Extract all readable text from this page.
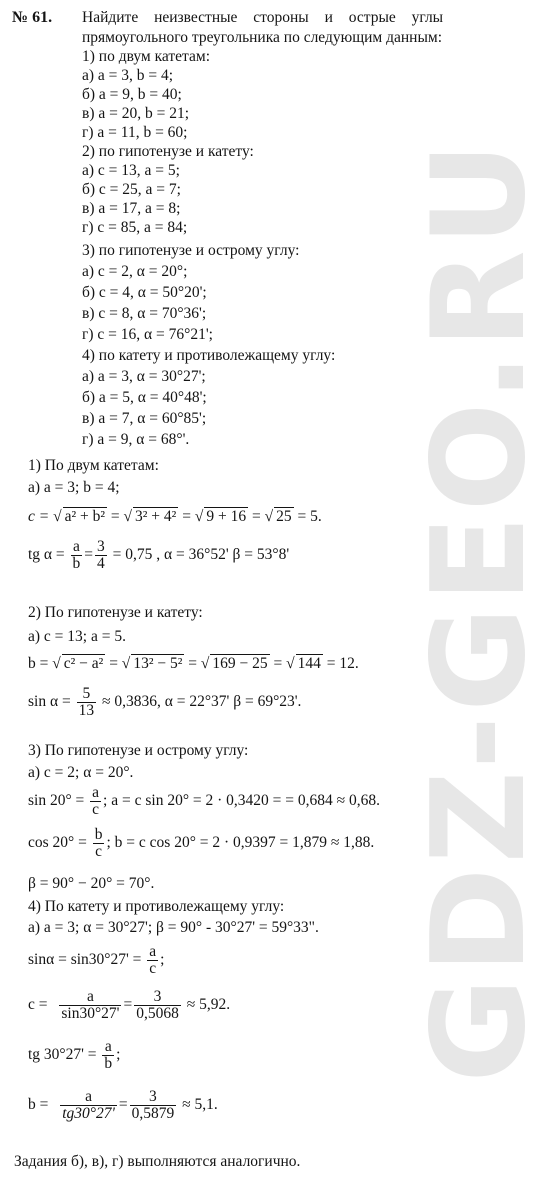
GDZ-GEO.RU
№ 61. Найдите неизвестные стороны и острые углы
прямоугольного треугольника по следующим данным:
1) по двум катетам:
а) a = 3, b = 4;
б) a = 9, b = 40;
в) a = 20, b = 21;
г) a = 11, b = 60;
2) по гипотенузе и катету:
а) c = 13, a = 5;
б) c = 25, a = 7;
в) a = 17, a = 8;
г) c = 85, a = 84;
3) по гипотенузе и острому углу:
а) c = 2, α = 20°;
б) c = 4, α = 50°20';
в) c = 8, α = 70°36';
г) c = 16, α = 76°21';
4) по катету и противолежащему углу:
а) a = 3, α = 30°27';
б) a = 5, α = 40°48';
в) a = 7, α = 60°85';
г) a = 9, α = 68°'.
1) По двум катетам:
а) a = 3; b = 4;
c = √ a² + b² = √ 3² + 4² = √ 9 + 16 = √ 25 = 5.
tg $\alpha = \frac{a}{b} = \frac{3}{4} = 0,75$ , α = 36°52' β = 53°8'
2) По гипотенузе и катету:
а) c = 13; a = 5.
b = √ c² − a² = √ 13² − 5² = √ 169 − 25 = √ 144 = 12.
$\sin \alpha = \frac{5}{13} \approx 0,3836$, α = 22°37' β = 69°23'.
3) По гипотенузе и острому углу:
а) c = 2; α = 20°.
$\sin 20^\circ = \frac{a}{c}$ ; a = c sin 20° = 2 · 0,3420 = = 0,684 ≈ 0,68.
$\cos 20^\circ = \frac{b}{c}$ ; b = c cos 20° = 2 · 0,9397 = 1,879 ≈ 1,88.
β = 90° − 20° = 70°.
4) По катету и противолежащему углу:
а) a = 3; α = 30°27'; β = 90° - 30°27' = 59°33".
$\sin\alpha = \sin 30^\circ 27' = \frac{a}{c}$ ;
$c = \frac{a}{\sin 30^\circ 27'} = \frac{3}{0,5068} \approx 5,92$.
tg $30^\circ 27' = \frac{a}{b}$ ;
$b = \frac{a}{tg30^\circ 27'} = \frac{3}{0,5879} \approx 5,1$.
Задания б), в), г) выполняются аналогично.
